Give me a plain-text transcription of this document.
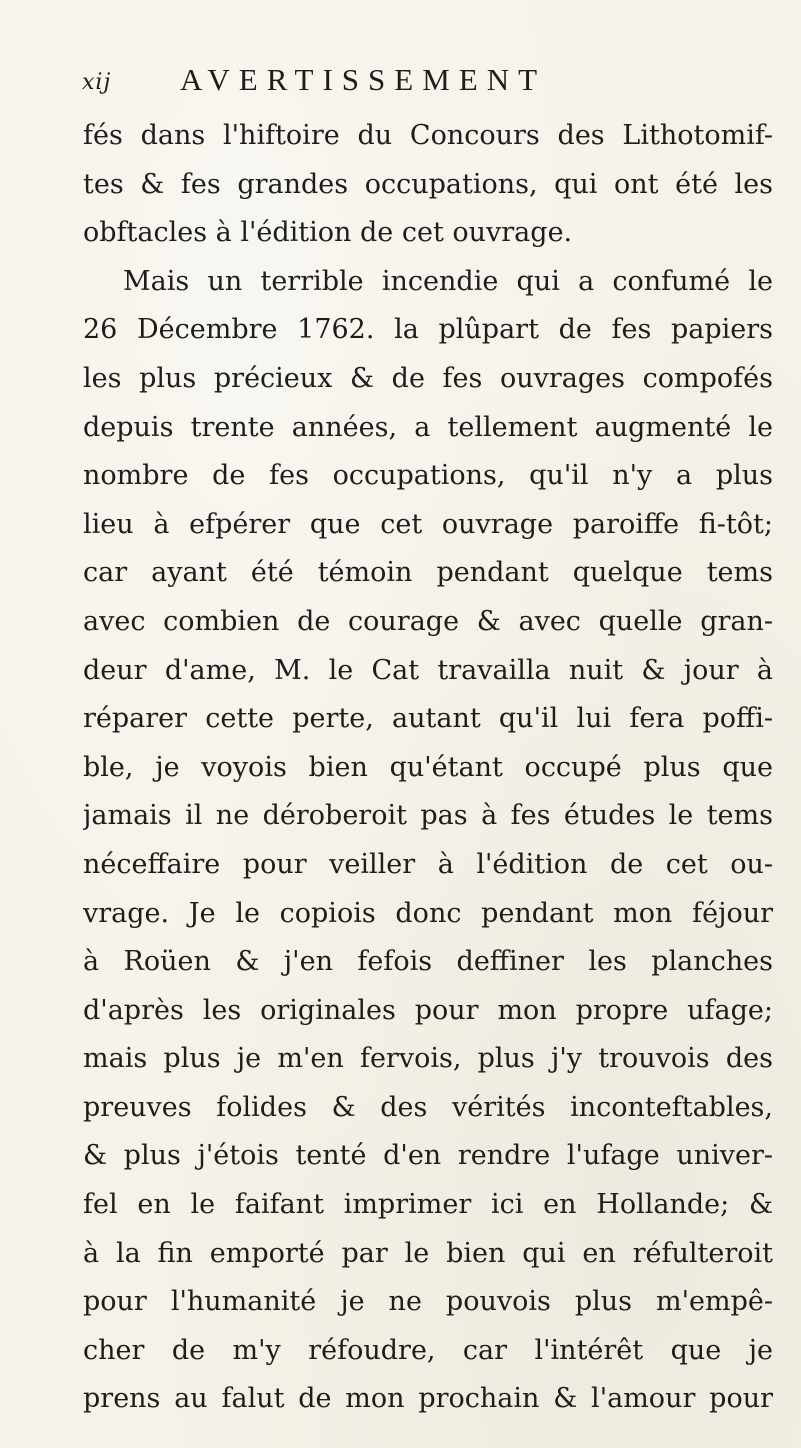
xij AVERTISSEMENT
fés dans l'hiftoire du Concours des Lithotomif-
tes & fes grandes occupations, qui ont été les
obftacles à l'édition de cet ouvrage.
Mais un terrible incendie qui a confumé le
26 Décembre 1762. la plûpart de fes papiers
les plus précieux & de fes ouvrages compofés
depuis trente années, a tellement augmenté le
nombre de fes occupations, qu'il n'y a plus
lieu à efpérer que cet ouvrage paroiffe fi-tôt;
car ayant été témoin pendant quelque tems
avec combien de courage & avec quelle gran-
deur d'ame, M. le Cat travailla nuit & jour à
réparer cette perte, autant qu'il lui fera poffi-
ble, je voyois bien qu'étant occupé plus que
jamais il ne déroberoit pas à fes études le tems
néceffaire pour veiller à l'édition de cet ou-
vrage. Je le copiois donc pendant mon féjour
à Roüen & j'en fefois deffiner les planches
d'après les originales pour mon propre ufage;
mais plus je m'en fervois, plus j'y trouvois des
preuves folides & des vérités inconteftables,
& plus j'étois tenté d'en rendre l'ufage univer-
fel en le faifant imprimer ici en Hollande; &
à la fin emporté par le bien qui en réfulteroit
pour l'humanité je ne pouvois plus m'empê-
cher de m'y réfoudre, car l'intérêt que je
prens au falut de mon prochain & l'amour pour
